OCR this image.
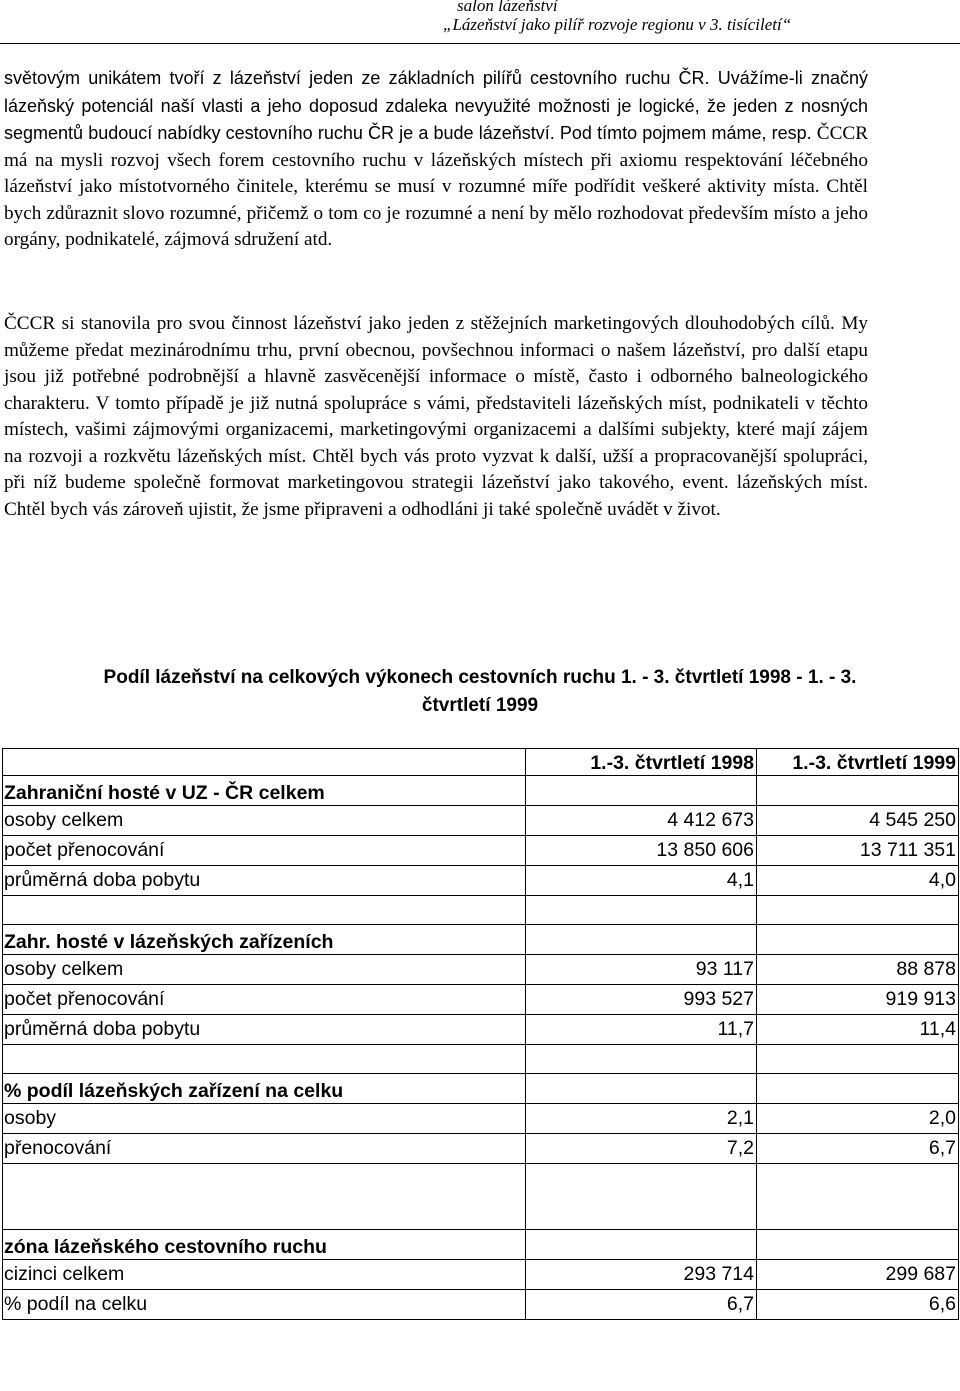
salon lázeňství
„Lázeňství jako pilíř rozvoje regionu v 3. tisíciletí“

světovým unikátem tvoří z lázeňství jeden ze základních pilířů cestovního ruchu ČR. Uvážíme-li značný lázeňský potenciál naší vlasti a jeho doposud zdaleka nevyužité možnosti je logické, že jeden z nosných segmentů budoucí nabídky cestovního ruchu ČR je a bude lázeňství. Pod tímto pojmem máme, resp. ČCCR má na mysli rozvoj všech forem cestovního ruchu v lázeňských místech při axiomu respektování léčebného lázeňství jako místotvorného činitele, kterému se musí v rozumné míře podřídit veškeré aktivity místa. Chtěl bych zdůraznit slovo rozumné, přičemž o tom co je rozumné a není by mělo rozhodovat především místo a jeho orgány, podnikatelé, zájmová sdružení atd.

ČCCR si stanovila pro svou činnost lázeňství jako jeden z stěžejních marketingových dlouhodobých cílů. My můžeme předat mezinárodnímu trhu, první obecnou, povšechnou informaci o našem lázeňství, pro další etapu jsou již potřebné podrobnější a hlavně zasvěcenější informace o místě, často i odborného balneologického charakteru. V tomto případě je již nutná spolupráce s vámi, představiteli lázeňských míst, podnikateli v těchto místech, vašimi zájmovými organizacemi, marketingovými organizacemi a dalšími subjekty, které mají zájem na rozvoji a rozkvětu lázeňských míst. Chtěl bych vás proto vyzvat k další, užší a propracovanější spolupráci, při níž budeme společně formovat marketingovou strategii lázeňství jako takového, event. lázeňských míst. Chtěl bych vás zároveň ujistit, že jsme připraveni a odhodláni ji také společně uvádět v život.

Podíl lázeňství na celkových výkonech cestovních ruchu 1. - 3. čtvrtletí 1998 - 1. - 3.
čtvrtletí 1999
	1.-3. čtvrtletí 1998	1.-3. čtvrtletí 1999
Zahraniční hosté v UZ - ČR celkem		
osoby celkem	4 412 673	4 545 250
počet přenocování	13 850 606	13 711 351
průměrná doba pobytu	4,1	4,0

Zahr. hosté v lázeňských zařízeních		
osoby celkem	93 117	88 878
počet přenocování	993 527	919 913
průměrná doba pobytu	11,7	11,4

% podíl lázeňských zařízení na celku		
osoby	2,1	2,0
přenocování	7,2	6,7

zóna lázeňského cestovního ruchu		
cizinci celkem	293 714	299 687
% podíl na celku	6,7	6,6
